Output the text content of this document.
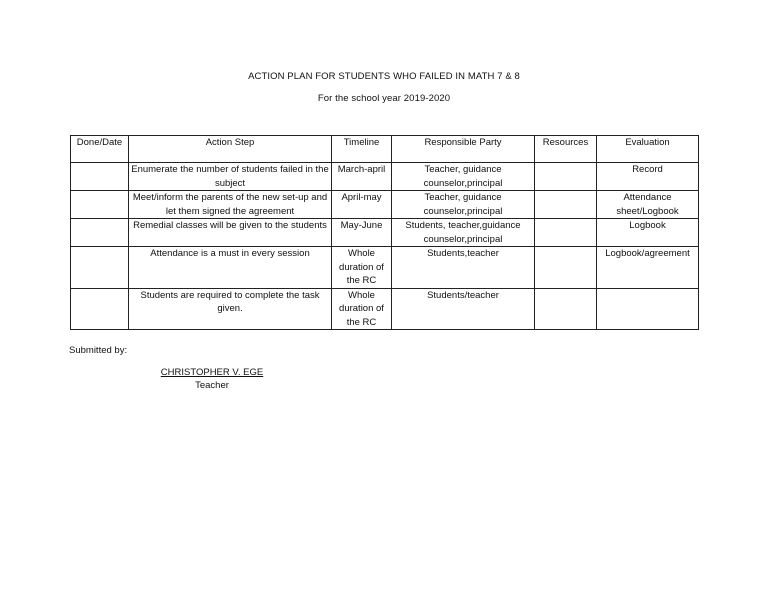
ACTION PLAN FOR STUDENTS WHO FAILED IN MATH 7 & 8
For the school year 2019-2020
Done/Date	Action Step	Timeline	Responsible Party	Resources	Evaluation
	Enumerate the number of students failed in the subject	March-april	Teacher, guidance counselor,principal		Record
	Meet/inform the parents of the new set-up and let them signed the agreement	April-may	Teacher, guidance counselor,principal		Attendance sheet/Logbook
	Remedial classes will be given to the students	May-June	Students, teacher,guidance counselor,principal		Logbook
	Attendance is a must in every session	Whole duration of the RC	Students,teacher		Logbook/agreement
	Students are required to complete the task given.	Whole duration of the RC	Students/teacher		
Submitted by:
CHRISTOPHER V. EGE
Teacher
